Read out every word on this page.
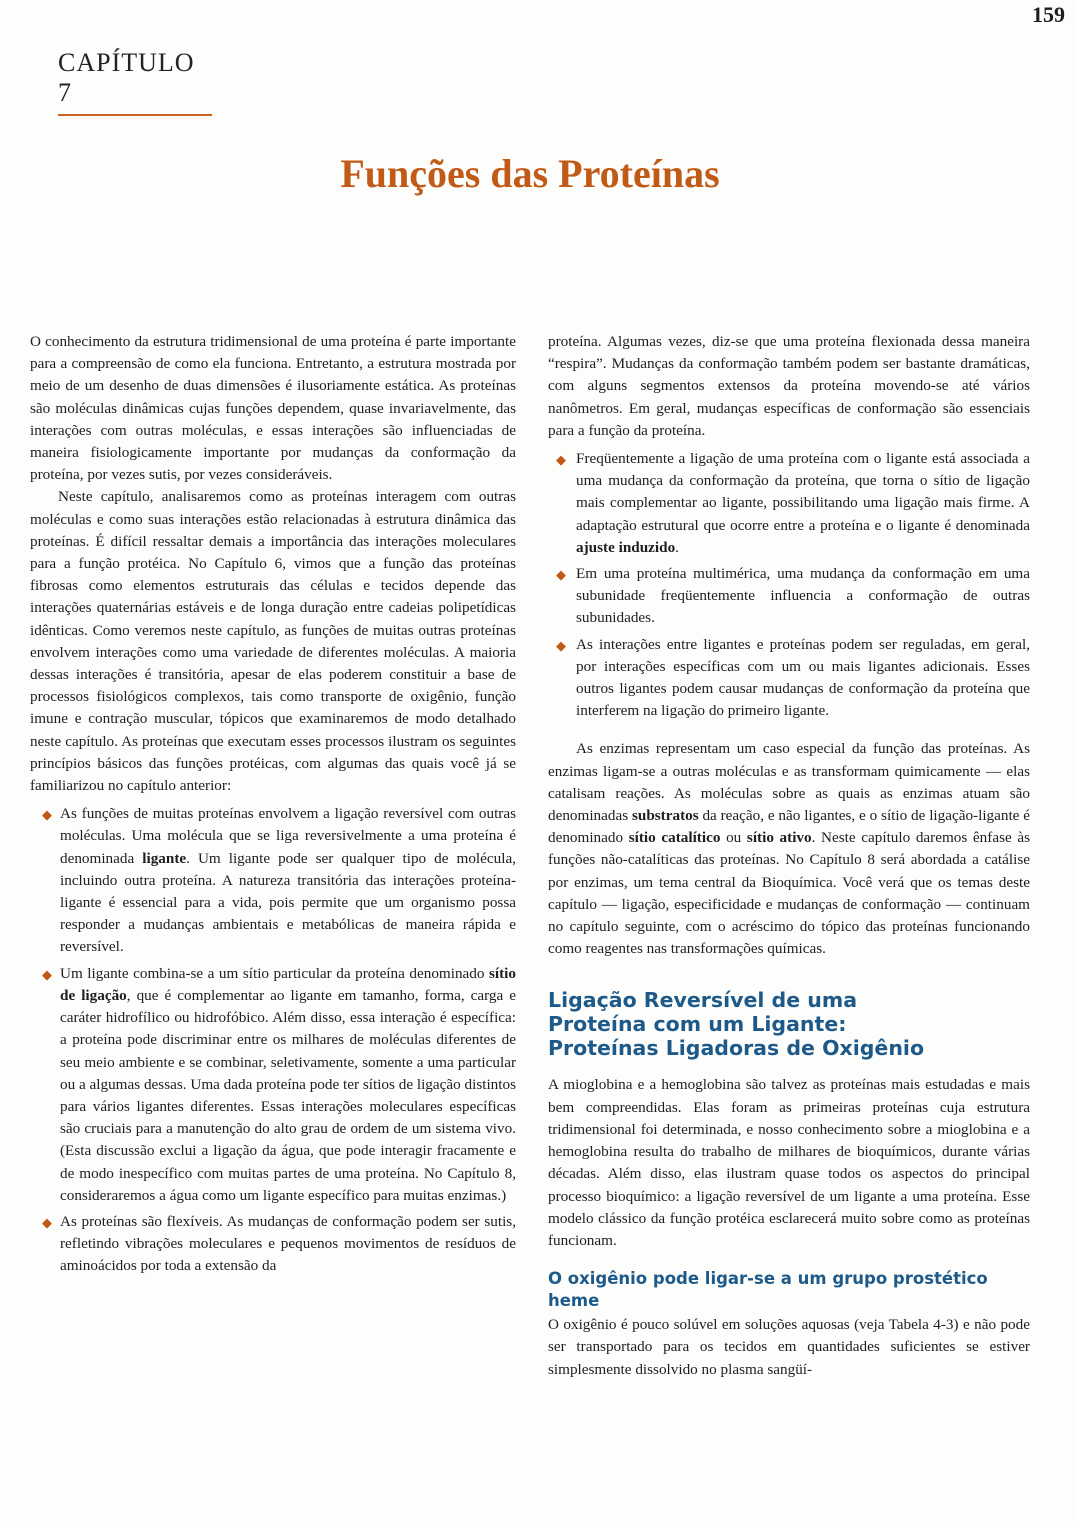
159
CAPÍTULO 7
Funções das Proteínas

O conhecimento da estrutura tridimensional de uma proteína é parte importante para a compreensão de como ela funciona. Entretanto, a estrutura mostrada por meio de um desenho de duas dimensões é ilusoriamente estática. As proteínas são moléculas dinâmicas cujas funções dependem, quase invariavelmente, das interações com outras moléculas, e essas interações são influenciadas de maneira fisiologicamente importante por mudanças da conformação da proteína, por vezes sutis, por vezes consideráveis.

Neste capítulo, analisaremos como as proteínas interagem com outras moléculas e como suas interações estão relacionadas à estrutura dinâmica das proteínas. É difícil ressaltar demais a importância das interações moleculares para a função protéica. No Capítulo 6, vimos que a função das proteínas fibrosas como elementos estruturais das células e tecidos depende das interações quaternárias estáveis e de longa duração entre cadeias polipetídicas idênticas. Como veremos neste capítulo, as funções de muitas outras proteínas envolvem interações como uma variedade de diferentes moléculas. A maioria dessas interações é transitória, apesar de elas poderem constituir a base de processos fisiológicos complexos, tais como transporte de oxigênio, função imune e contração muscular, tópicos que examinaremos de modo detalhado neste capítulo. As proteínas que executam esses processos ilustram os seguintes princípios básicos das funções protéicas, com algumas das quais você já se familiarizou no capítulo anterior:

◆ As funções de muitas proteínas envolvem a ligação reversível com outras moléculas. Uma molécula que se liga reversivelmente a uma proteína é denominada ligante. Um ligante pode ser qualquer tipo de molécula, incluindo outra proteína. A natureza transitória das interações proteína-ligante é essencial para a vida, pois permite que um organismo possa responder a mudanças ambientais e metabólicas de maneira rápida e reversível.
◆ Um ligante combina-se a um sítio particular da proteína denominado sítio de ligação, que é complementar ao ligante em tamanho, forma, carga e caráter hidrofílico ou hidrofóbico. Além disso, essa interação é específica: a proteína pode discriminar entre os milhares de moléculas diferentes de seu meio ambiente e se combinar, seletivamente, somente a uma particular ou a algumas dessas. Uma dada proteína pode ter sítios de ligação distintos para vários ligantes diferentes. Essas interações moleculares específicas são cruciais para a manutenção do alto grau de ordem de um sistema vivo. (Esta discussão exclui a ligação da água, que pode interagir fracamente e de modo inespecífico com muitas partes de uma proteína. No Capítulo 8, consideraremos a água como um ligante específico para muitas enzimas.)
◆ As proteínas são flexíveis. As mudanças de conformação podem ser sutis, refletindo vibrações moleculares e pequenos movimentos de resíduos de aminoácidos por toda a extensão da

proteína. Algumas vezes, diz-se que uma proteína flexionada dessa maneira “respira”. Mudanças da conformação também podem ser bastante dramáticas, com alguns segmentos extensos da proteína movendo-se até vários nanômetros. Em geral, mudanças específicas de conformação são essenciais para a função da proteína.

◆ Freqüentemente a ligação de uma proteína com o ligante está associada a uma mudança da conformação da proteína, que torna o sítio de ligação mais complementar ao ligante, possibilitando uma ligação mais firme. A adaptação estrutural que ocorre entre a proteína e o ligante é denominada ajuste induzido.
◆ Em uma proteína multimérica, uma mudança da conformação em uma subunidade freqüentemente influencia a conformação de outras subunidades.
◆ As interações entre ligantes e proteínas podem ser reguladas, em geral, por interações específicas com um ou mais ligantes adicionais. Esses outros ligantes podem causar mudanças de conformação da proteína que interferem na ligação do primeiro ligante.

As enzimas representam um caso especial da função das proteínas. As enzimas ligam-se a outras moléculas e as transformam quimicamente — elas catalisam reações. As moléculas sobre as quais as enzimas atuam são denominadas substratos da reação, e não ligantes, e o sítio de ligação-ligante é denominado sítio catalítico ou sítio ativo. Neste capítulo daremos ênfase às funções não-catalíticas das proteínas. No Capítulo 8 será abordada a catálise por enzimas, um tema central da Bioquímica. Você verá que os temas deste capítulo — ligação, especificidade e mudanças de conformação — continuam no capítulo seguinte, com o acréscimo do tópico das proteínas funcionando como reagentes nas transformações químicas.

Ligação Reversível de uma
Proteína com um Ligante:
Proteínas Ligadoras de Oxigênio

A mioglobina e a hemoglobina são talvez as proteínas mais estudadas e mais bem compreendidas. Elas foram as primeiras proteínas cuja estrutura tridimensional foi determinada, e nosso conhecimento sobre a mioglobina e a hemoglobina resulta do trabalho de milhares de bioquímicos, durante várias décadas. Além disso, elas ilustram quase todos os aspectos do principal processo bioquímico: a ligação reversível de um ligante a uma proteína. Esse modelo clássico da função protéica esclarecerá muito sobre como as proteínas funcionam.

O oxigênio pode ligar-se a um grupo prostético heme

O oxigênio é pouco solúvel em soluções aquosas (veja Tabela 4-3) e não pode ser transportado para os tecidos em quantidades suficientes se estiver simplesmente dissolvido no plasma sangüí-
